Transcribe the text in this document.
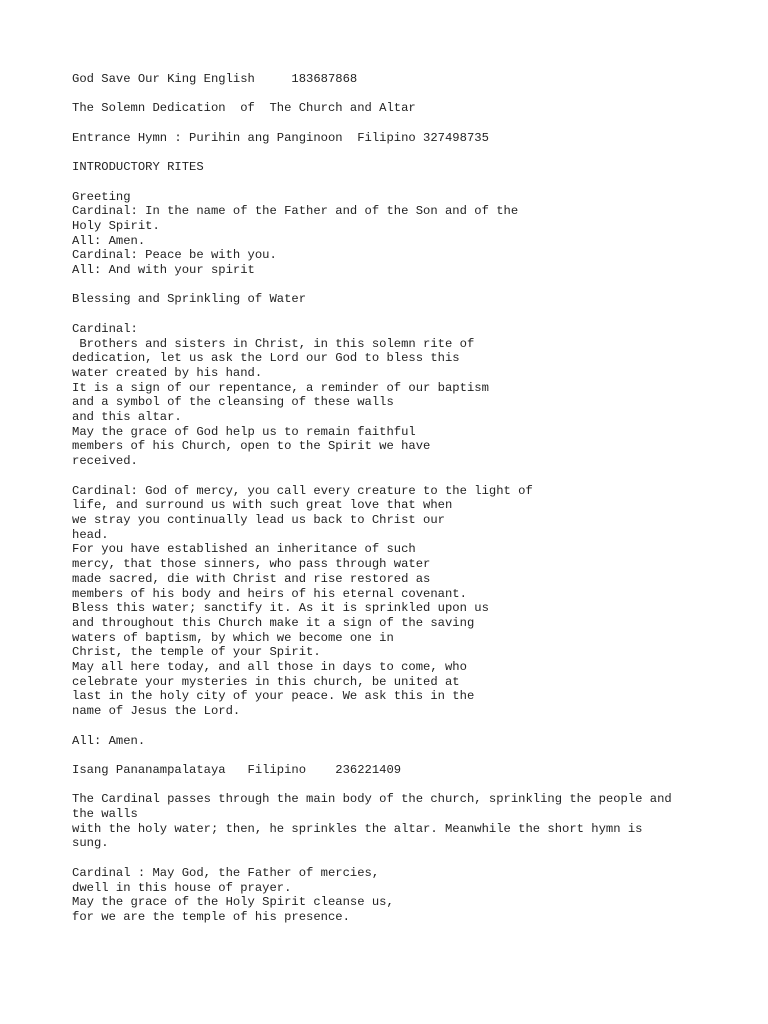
God Save Our King English     183687868
The Solemn Dedication  of  The Church and Altar
Entrance Hymn : Purihin ang Panginoon  Filipino 327498735
INTRODUCTORY RITES
Greeting
Cardinal: In the name of the Father and of the Son and of the
Holy Spirit.
All: Amen.
Cardinal: Peace be with you.
All: And with your spirit
Blessing and Sprinkling of Water
Cardinal:
Brothers and sisters in Christ, in this solemn rite of
dedication, let us ask the Lord our God to bless this
water created by his hand.
It is a sign of our repentance, a reminder of our baptism
and a symbol of the cleansing of these walls
and this altar.
May the grace of God help us to remain faithful
members of his Church, open to the Spirit we have
received.
Cardinal: God of mercy, you call every creature to the light of
life, and surround us with such great love that when
we stray you continually lead us back to Christ our
head.
For you have established an inheritance of such
mercy, that those sinners, who pass through water
made sacred, die with Christ and rise restored as
members of his body and heirs of his eternal covenant.
Bless this water; sanctify it. As it is sprinkled upon us
and throughout this Church make it a sign of the saving
waters of baptism, by which we become one in
Christ, the temple of your Spirit.
May all here today, and all those in days to come, who
celebrate your mysteries in this church, be united at
last in the holy city of your peace. We ask this in the
name of Jesus the Lord.
All: Amen.
Isang Pananampalataya   Filipino    236221409
The Cardinal passes through the main body of the church, sprinkling the people and
the walls
with the holy water; then, he sprinkles the altar. Meanwhile the short hymn is
sung.
Cardinal : May God, the Father of mercies,
dwell in this house of prayer.
May the grace of the Holy Spirit cleanse us,
for we are the temple of his presence.
